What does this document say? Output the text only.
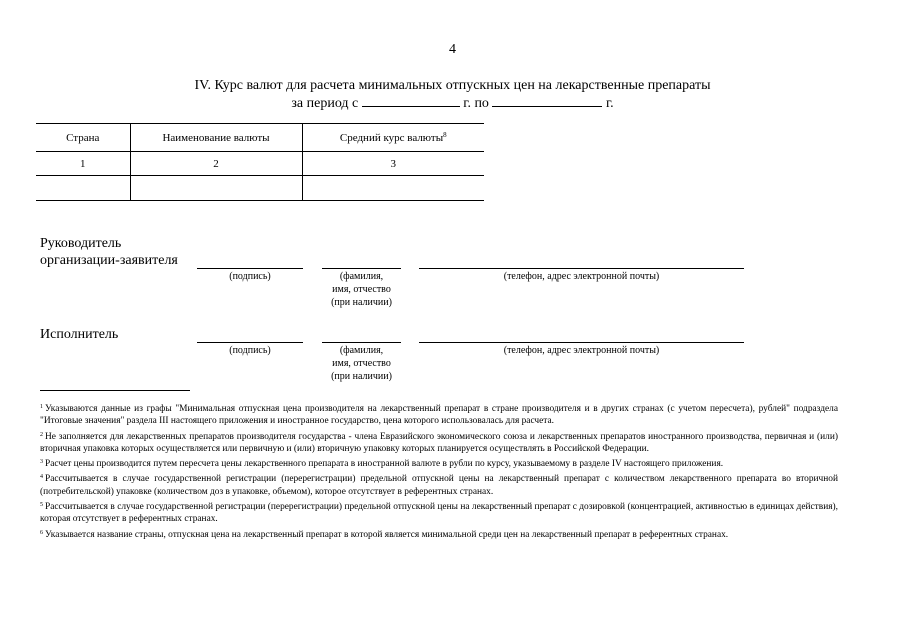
4
IV. Курс валют для расчета минимальных отпускных цен на лекарственные препараты
за период с	г. по	г.
Страна	Наименование валюты	Средний курс валюты$^8$
1	2	3

Руководитель
организации-заявителя
(подпись)	(фамилия,
имя, отчество
(при наличии)
(телефон, адрес электронной почты)
Исполнитель
(подпись)	(фамилия,
имя, отчество
(при наличии)
(телефон, адрес электронной почты)

$^1$ Указываются данные из графы "Минимальная отпускная цена производителя на лекарственный препарат в стране производителя и в других странах (с учетом пересчета), рублей" подраздела "Итоговые значения" раздела III настоящего приложения и иностранное государство, цена которого использовалась для расчета.

$^2$ Не заполняется для лекарственных препаратов производителя государства - члена Евразийского экономического союза и лекарственных препаратов иностранного производства, первичная и (или) вторичная упаковка которых осуществляется или первичную и (или) вторичную упаковку которых планируется осуществлять в Российской Федерации.

$^3$ Расчет цены производится путем пересчета цены лекарственного препарата в иностранной валюте в рубли по курсу, указываемому в разделе IV настоящего приложения.

$^4$ Рассчитывается в случае государственной регистрации (перерегистрации) предельной отпускной цены на лекарственный препарат с количеством лекарственного препарата во вторичной (потребительской) упаковке (количеством доз в упаковке, объемом), которое отсутствует в референтных странах.

$^5$ Рассчитывается в случае государственной регистрации (перерегистрации) предельной отпускной цены на лекарственный препарат с дозировкой (концентрацией, активностью в единицах действия), которая отсутствует в референтных странах.

$^6$ Указывается название страны, отпускная цена на лекарственный препарат в которой является минимальной среди цен на лекарственный препарат в референтных странах.
